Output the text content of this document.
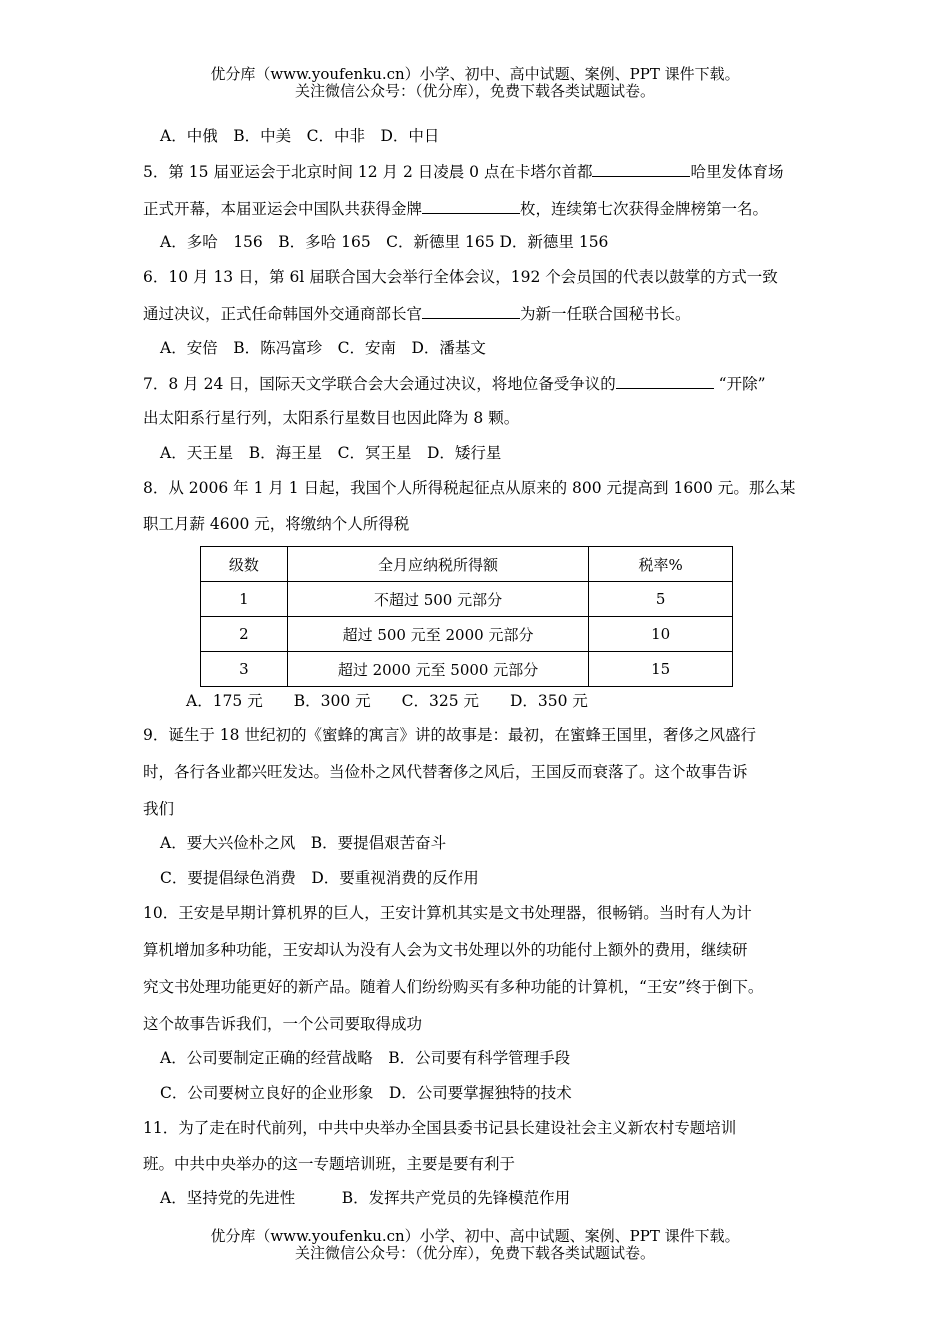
优分库（www.youfenku.cn）小学、初中、高中试题、案例、PPT 课件下载。
关注微信公众号：（优分库），免费下载各类试题试卷。
A．中俄　B．中美　C．中非　D．中日
5．第 15 届亚运会于北京时间 12 月 2 日凌晨 0 点在卡塔尔首都	哈里发体育场
正式开幕，本届亚运会中国队共获得金牌	枚，连续第七次获得金牌榜第一名。
A．多哈　156　B．多哈 165　C．新德里 165 D．新德里 156
6．10 月 13 日，第 6l 届联合国大会举行全体会议，192 个会员国的代表以鼓掌的方式一致
通过决议，正式任命韩国外交通商部长官	为新一任联合国秘书长。
A．安倍　B．陈冯富珍　C．安南　D．潘基文
7．8 月 24 日，国际天文学联合会大会通过决议，将地位备受争议的	“开除”
出太阳系行星行列，太阳系行星数目也因此降为 8 颗。
A．天王星　B．海王星　C．冥王星　D．矮行星
8．从 2006 年 1 月 1 日起，我国个人所得税起征点从原来的 800 元提高到 1600 元。那么某
职工月薪 4600 元，将缴纳个人所得税
级数	全月应纳税所得额	税率%
1	不超过 500 元部分	5
2	超过 500 元至 2000 元部分	10
3	超过 2000 元至 5000 元部分	15
A．175 元　　B．300 元　　C．325 元　　D．350 元
9．诞生于 18 世纪初的《蜜蜂的寓言》讲的故事是：最初，在蜜蜂王国里，奢侈之风盛行
时，各行各业都兴旺发达。当俭朴之风代替奢侈之风后，王国反而衰落了。这个故事告诉
我们
A．要大兴俭朴之风　B．要提倡艰苦奋斗
C．要提倡绿色消费　D．要重视消费的反作用
10．王安是早期计算机界的巨人，王安计算机其实是文书处理器，很畅销。当时有人为计
算机增加多种功能，王安却认为没有人会为文书处理以外的功能付上额外的费用，继续研
究文书处理功能更好的新产品。随着人们纷纷购买有多种功能的计算机，“王安”终于倒下。
这个故事告诉我们，一个公司要取得成功
A．公司要制定正确的经营战略　B．公司要有科学管理手段
C．公司要树立良好的企业形象　D．公司要掌握独特的技术
11．为了走在时代前列，中共中央举办全国县委书记县长建设社会主义新农村专题培训
班。中共中央举办的这一专题培训班，主要是要有利于
A．坚持党的先进性　　　B．发挥共产党员的先锋模范作用
优分库（www.youfenku.cn）小学、初中、高中试题、案例、PPT 课件下载。
关注微信公众号：（优分库），免费下载各类试题试卷。
